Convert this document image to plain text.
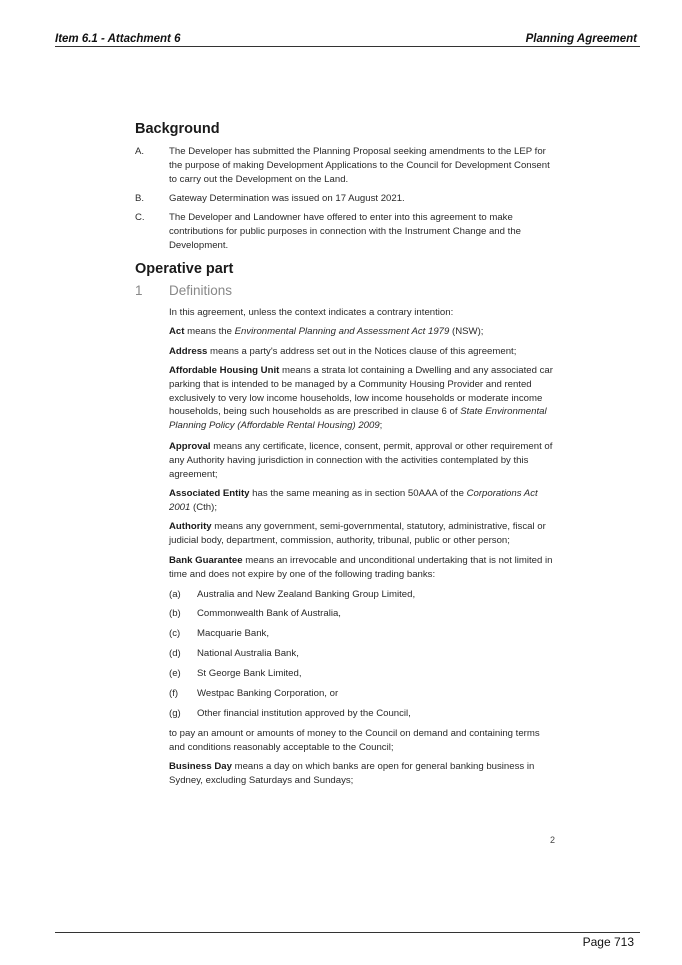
Item 6.1 - Attachment 6	Planning Agreement
Background
A.	The Developer has submitted the Planning Proposal seeking amendments to the LEP for the purpose of making Development Applications to the Council for Development Consent to carry out the Development on the Land.
B.	Gateway Determination was issued on 17 August 2021.
C.	The Developer and Landowner have offered to enter into this agreement to make contributions for public purposes in connection with the Instrument Change and the Development.
Operative part
1 Definitions
In this agreement, unless the context indicates a contrary intention:
Act means the Environmental Planning and Assessment Act 1979 (NSW);
Address means a party's address set out in the Notices clause of this agreement;
Affordable Housing Unit means a strata lot containing a Dwelling and any associated car parking that is intended to be managed by a Community Housing Provider and rented exclusively to very low income households, low income households or moderate income households, being such households as are prescribed in clause 6 of State Environmental Planning Policy (Affordable Rental Housing) 2009;
Approval means any certificate, licence, consent, permit, approval or other requirement of any Authority having jurisdiction in connection with the activities contemplated by this agreement;
Associated Entity has the same meaning as in section 50AAA of the Corporations Act 2001 (Cth);
Authority means any government, semi-governmental, statutory, administrative, fiscal or judicial body, department, commission, authority, tribunal, public or other person;
Bank Guarantee means an irrevocable and unconditional undertaking that is not limited in time and does not expire by one of the following trading banks:
(a) Australia and New Zealand Banking Group Limited,
(b) Commonwealth Bank of Australia,
(c) Macquarie Bank,
(d) National Australia Bank,
(e) St George Bank Limited,
(f) Westpac Banking Corporation, or
(g) Other financial institution approved by the Council,
to pay an amount or amounts of money to the Council on demand and containing terms and conditions reasonably acceptable to the Council;
Business Day means a day on which banks are open for general banking business in Sydney, excluding Saturdays and Sundays;
2
Page 713
